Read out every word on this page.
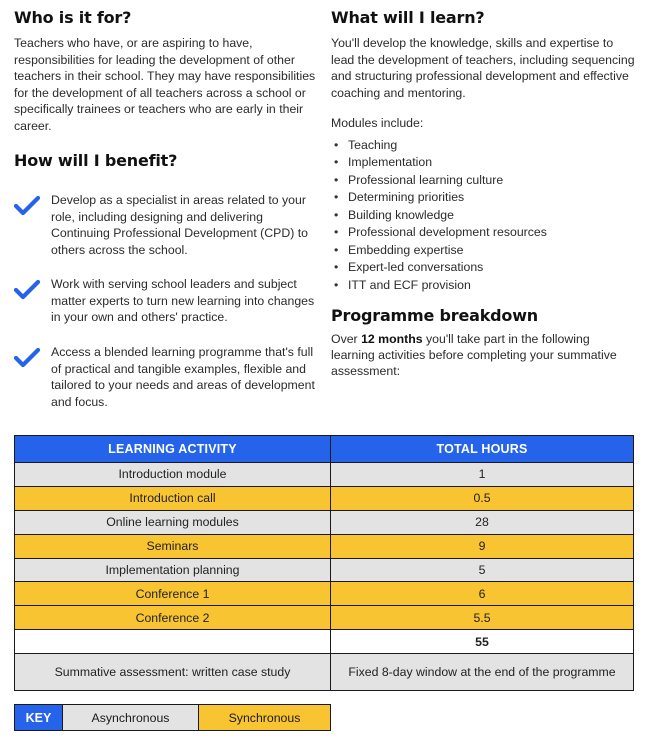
Who is it for?

Teachers who have, or are aspiring to have, responsibilities for leading the development of other teachers in their school. They may have responsibilities for the development of all teachers across a school or specifically trainees or teachers who are early in their career.

How will I benefit?
Develop as a specialist in areas related to your role, including designing and delivering Continuing Professional Development (CPD) to others across the school.
Work with serving school leaders and subject matter experts to turn new learning into changes in your own and others' practice.
Access a blended learning programme that's full of practical and tangible examples, flexible and tailored to your needs and areas of development and focus.
What will I learn?

You'll develop the knowledge, skills and expertise to lead the development of teachers, including sequencing and structuring professional development and effective coaching and mentoring.

Modules include:

• Teaching
• Implementation
• Professional learning culture
• Determining priorities
• Building knowledge
• Professional development resources
• Embedding expertise
• Expert-led conversations
• ITT and ECF provision
Programme breakdown

Over 12 months you'll take part in the following learning activities before completing your summative assessment:

LEARNING ACTIVITY	TOTAL HOURS
Introduction module	1
Introduction call	0.5
Online learning modules	28
Seminars	9
Implementation planning	5
Conference 1	6
Conference 2	5.5
	55
Summative assessment: written case study	Fixed 8-day window at the end of the programme
KEY	Asynchronous	Synchronous
